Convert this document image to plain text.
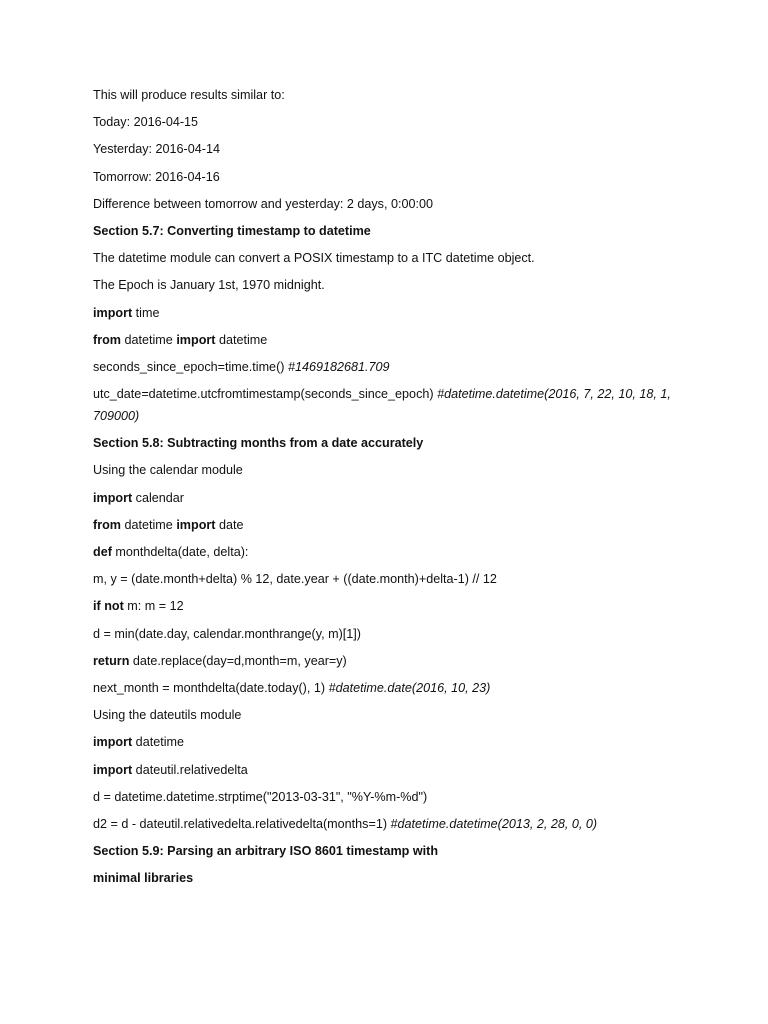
This will produce results similar to:

Today: 2016-04-15

Yesterday: 2016-04-14

Tomorrow: 2016-04-16

Difference between tomorrow and yesterday: 2 days, 0:00:00

Section 5.7: Converting timestamp to datetime

The datetime module can convert a POSIX timestamp to a ITC datetime object.

The Epoch is January 1st, 1970 midnight.

import time

from datetime import datetime

seconds_since_epoch=time.time() #1469182681.709

utc_date=datetime.utcfromtimestamp(seconds_since_epoch) #datetime.datetime(2016, 7, 22, 10, 18, 1,

709000)

Section 5.8: Subtracting months from a date accurately

Using the calendar module

import calendar

from datetime import date

def monthdelta(date, delta):

m, y = (date.month+delta) % 12, date.year + ((date.month)+delta-1) // 12

if not m: m = 12

d = min(date.day, calendar.monthrange(y, m)[1])

return date.replace(day=d,month=m, year=y)

next_month = monthdelta(date.today(), 1) #datetime.date(2016, 10, 23)

Using the dateutils module

import datetime

import dateutil.relativedelta

d = datetime.datetime.strptime("2013-03-31", "%Y-%m-%d")

d2 = d - dateutil.relativedelta.relativedelta(months=1) #datetime.datetime(2013, 2, 28, 0, 0)

Section 5.9: Parsing an arbitrary ISO 8601 timestamp with

minimal libraries
